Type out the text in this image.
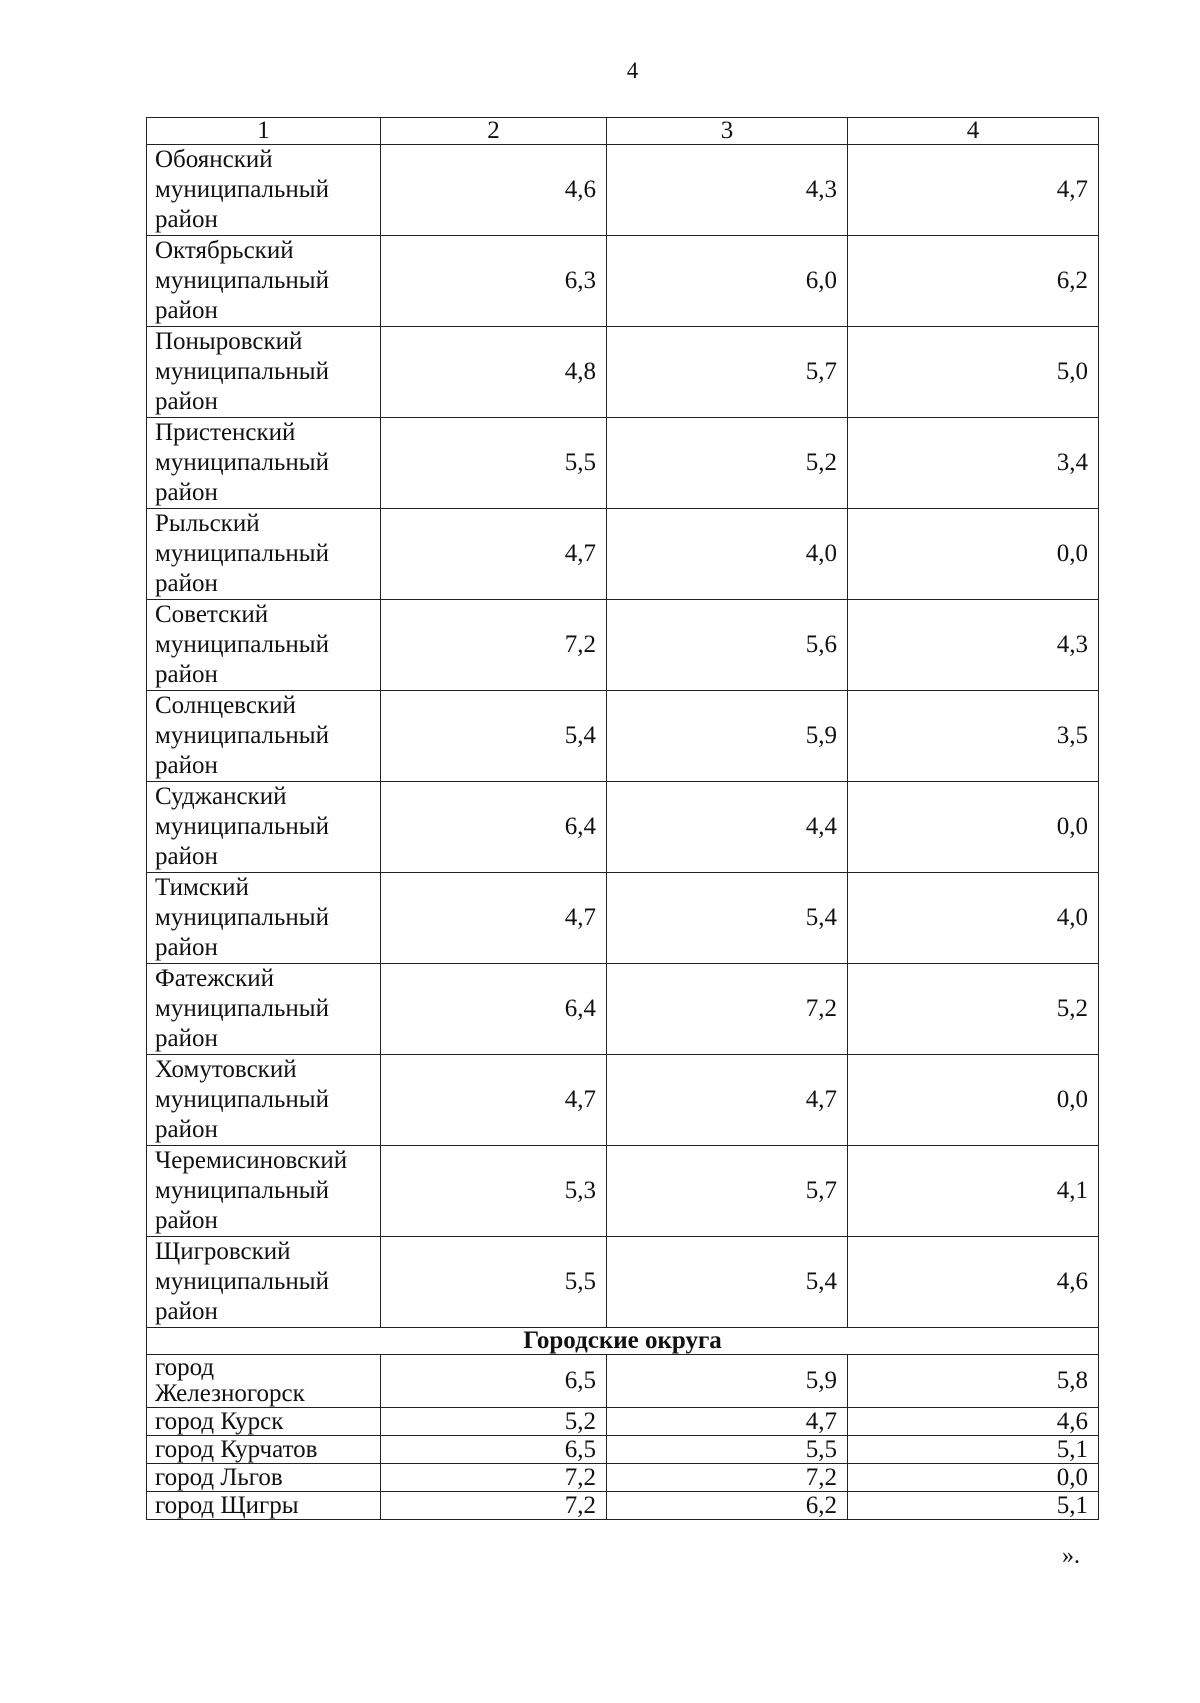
4
1	2	3	4
Обоянский
муниципальный
район	4,6	4,3	4,7
Октябрьский
муниципальный
район	6,3	6,0	6,2
Поныровский
муниципальный
район	4,8	5,7	5,0
Пристенский
муниципальный
район	5,5	5,2	3,4
Рыльский
муниципальный
район	4,7	4,0	0,0
Советский
муниципальный
район	7,2	5,6	4,3
Солнцевский
муниципальный
район	5,4	5,9	3,5
Суджанский
муниципальный
район	6,4	4,4	0,0
Тимский
муниципальный
район	4,7	5,4	4,0
Фатежский
муниципальный
район	6,4	7,2	5,2
Хомутовский
муниципальный
район	4,7	4,7	0,0
Черемисиновский
муниципальный
район	5,3	5,7	4,1
Щигровский
муниципальный
район	5,5	5,4	4,6
Городские округа			
город
Железногорск	6,5	5,9	5,8
город Курск	5,2	4,7	4,6
город Курчатов	6,5	5,5	5,1
город Льгов	7,2	7,2	0,0
город Щигры	7,2	6,2	5,1
».
